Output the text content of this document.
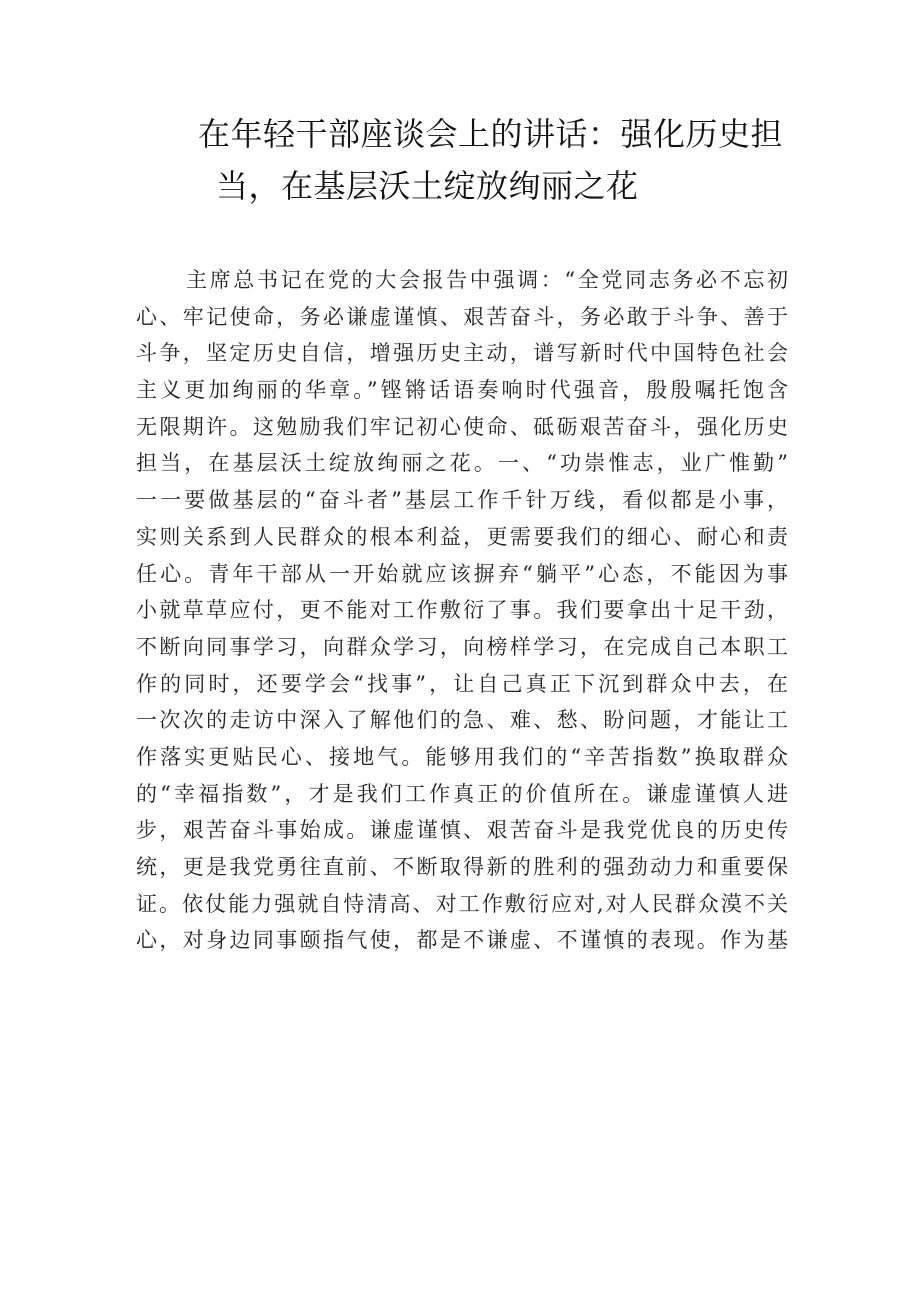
在年轻干部座谈会上的讲话：强化历史担
当，在基层沃土绽放绚丽之花
主席总书记在党的大会报告中强调：“全党同志务必不忘初
心、牢记使命，务必谦虚谨慎、艰苦奋斗，务必敢于斗争、善于
斗争，坚定历史自信，增强历史主动，谱写新时代中国特色社会
主义更加绚丽的华章。”铿锵话语奏响时代强音，殷殷嘱托饱含
无限期许。这勉励我们牢记初心使命、砥砺艰苦奋斗，强化历史
担当，在基层沃土绽放绚丽之花。一、“功崇惟志，业广惟勤”
一一要做基层的“奋斗者”基层工作千针万线，看似都是小事，
实则关系到人民群众的根本利益，更需要我们的细心、耐心和责
任心。青年干部从一开始就应该摒弃“躺平”心态，不能因为事
小就草草应付，更不能对工作敷衍了事。我们要拿出十足干劲，
不断向同事学习，向群众学习，向榜样学习，在完成自己本职工
作的同时，还要学会“找事”，让自己真正下沉到群众中去，在
一次次的走访中深入了解他们的急、难、愁、盼问题，才能让工
作落实更贴民心、接地气。能够用我们的“辛苦指数”换取群众
的“幸福指数”，才是我们工作真正的价值所在。谦虚谨慎人进
步，艰苦奋斗事始成。谦虚谨慎、艰苦奋斗是我党优良的历史传
统，更是我党勇往直前、不断取得新的胜利的强劲动力和重要保
证。依仗能力强就自恃清高、对工作敷衍应对,对人民群众漠不关
心，对身边同事颐指气使，都是不谦虚、不谨慎的表现。作为基
